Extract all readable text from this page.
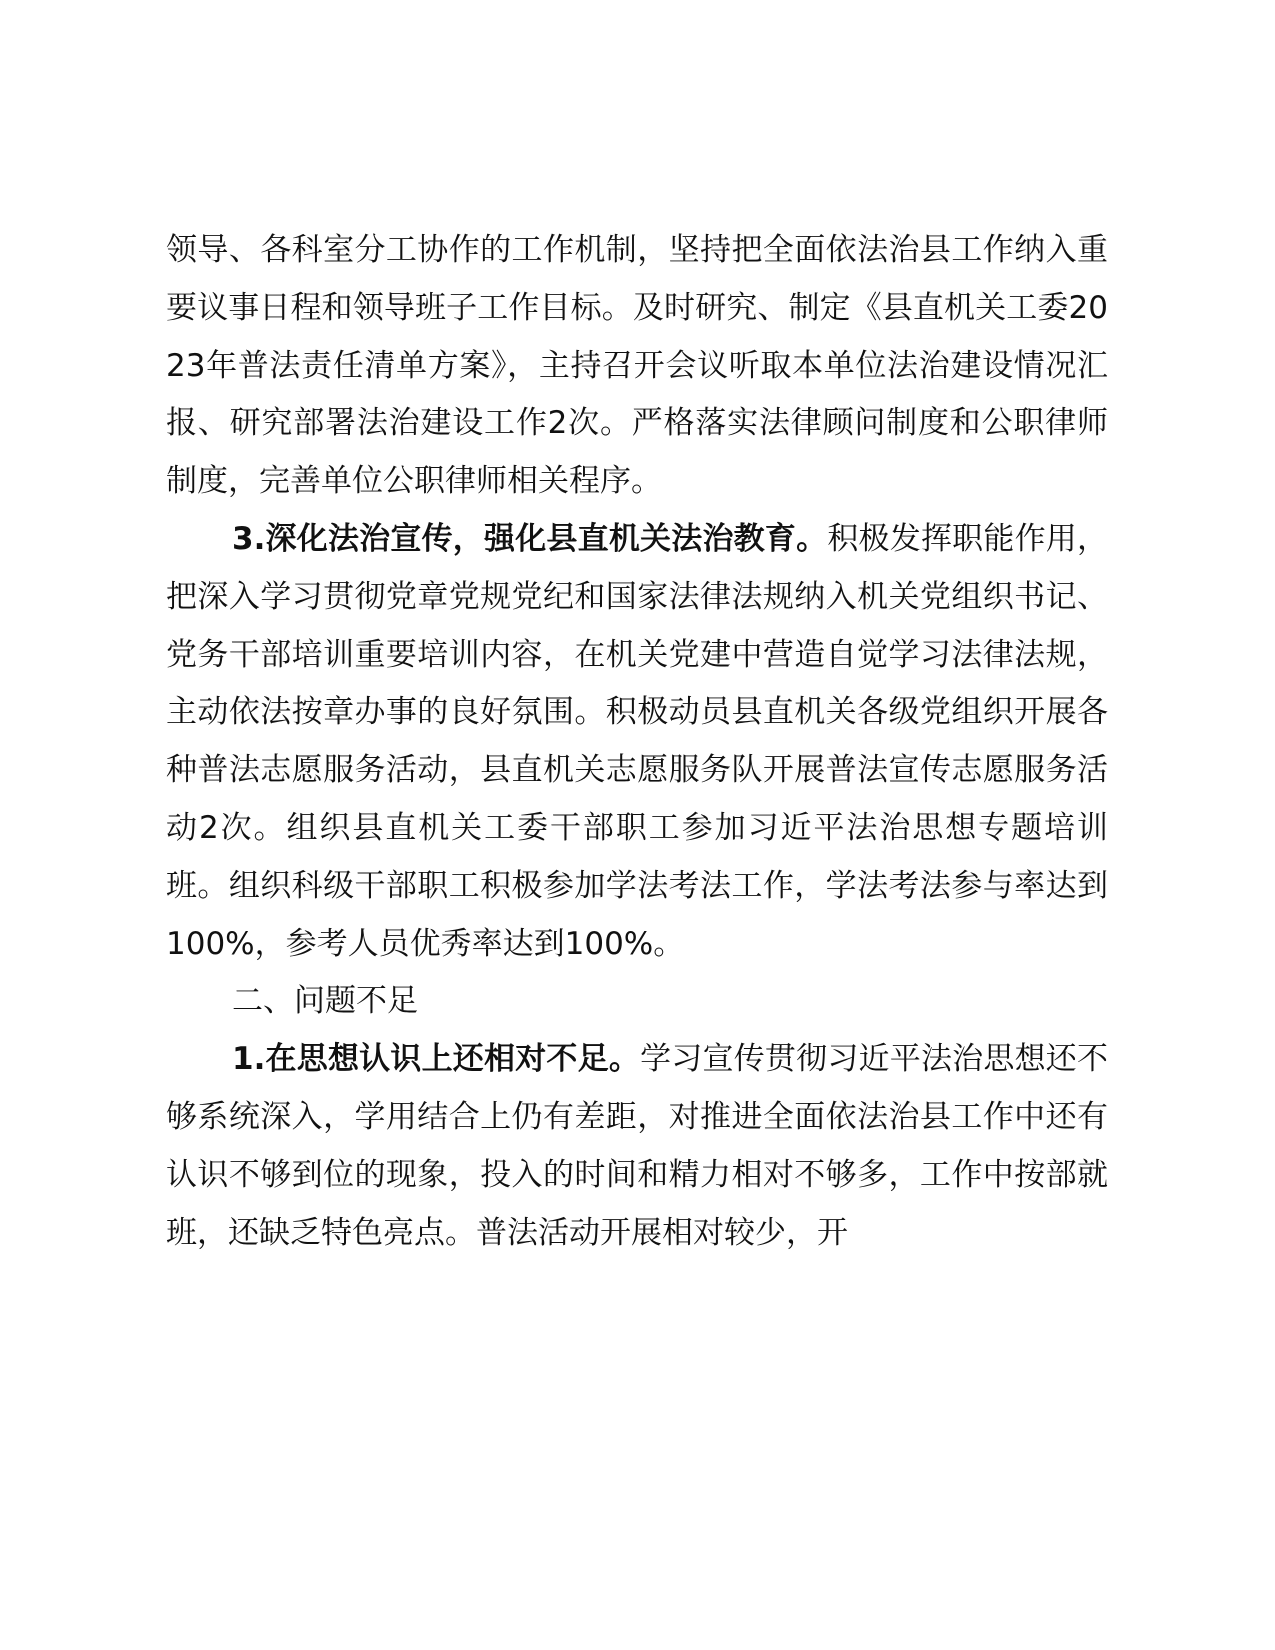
领导、各科室分工协作的工作机制，坚持把全面依法治县工作纳入重要议事日程和领导班子工作目标。及时研究、制定《县直机关工委2023年普法责任清单方案》，主持召开会议听取本单位法治建设情况汇报、研究部署法治建设工作2次。严格落实法律顾问制度和公职律师制度，完善单位公职律师相关程序。

3.深化法治宣传，强化县直机关法治教育。积极发挥职能作用，把深入学习贯彻党章党规党纪和国家法律法规纳入机关党组织书记、党务干部培训重要培训内容，在机关党建中营造自觉学习法律法规，主动依法按章办事的良好氛围。积极动员县直机关各级党组织开展各种普法志愿服务活动，县直机关志愿服务队开展普法宣传志愿服务活动2次。组织县直机关工委干部职工参加习近平法治思想专题培训班。组织科级干部职工积极参加学法考法工作，学法考法参与率达到100%，参考人员优秀率达到100%。

二、问题不足

1.在思想认识上还相对不足。学习宣传贯彻习近平法治思想还不够系统深入，学用结合上仍有差距，对推进全面依法治县工作中还有认识不够到位的现象，投入的时间和精力相对不够多，工作中按部就班，还缺乏特色亮点。普法活动开展相对较少，开
